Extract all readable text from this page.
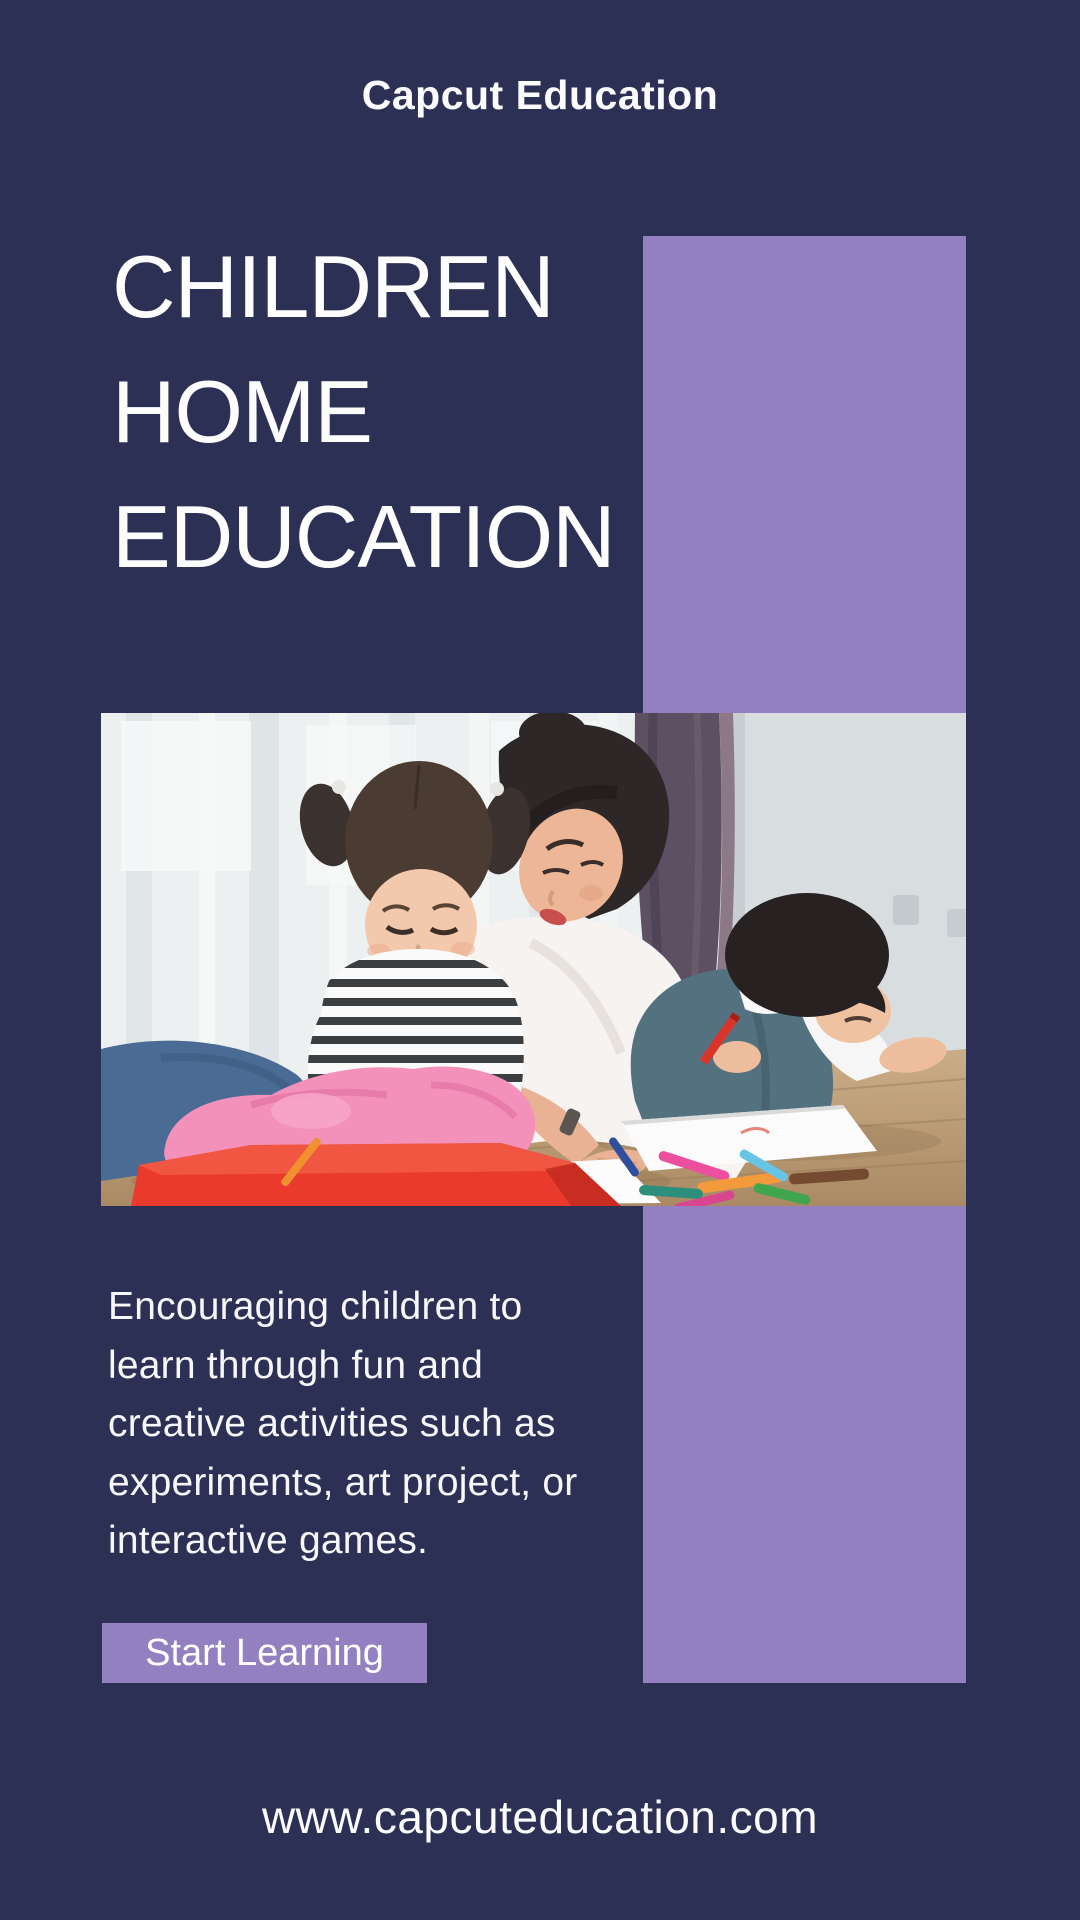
Capcut Education
CHILDREN
HOME
EDUCATION
Encouraging children to
learn through fun and
creative activities such as
experiments, art project, or
interactive games.
Start Learning
www.capcuteducation.com
